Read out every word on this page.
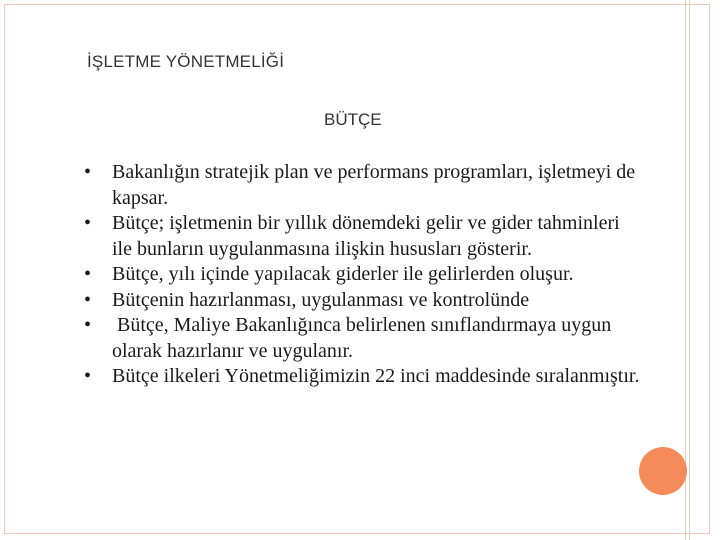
İŞLETME YÖNETMELİĞİ
BÜTÇE
• Bakanlığın stratejik plan ve performans programları, işletmeyi de kapsar.
• Bütçe; işletmenin bir yıllık dönemdeki gelir ve gider tahminleri ile bunların uygulanmasına ilişkin hususları gösterir.
• Bütçe, yılı içinde yapılacak giderler ile gelirlerden oluşur.
• Bütçenin hazırlanması, uygulanması ve kontrolünde
• Bütçe, Maliye Bakanlığınca belirlenen sınıflandırmaya uygun olarak hazırlanır ve uygulanır.
• Bütçe ilkeleri Yönetmeliğimizin 22 inci maddesinde sıralanmıştır.
